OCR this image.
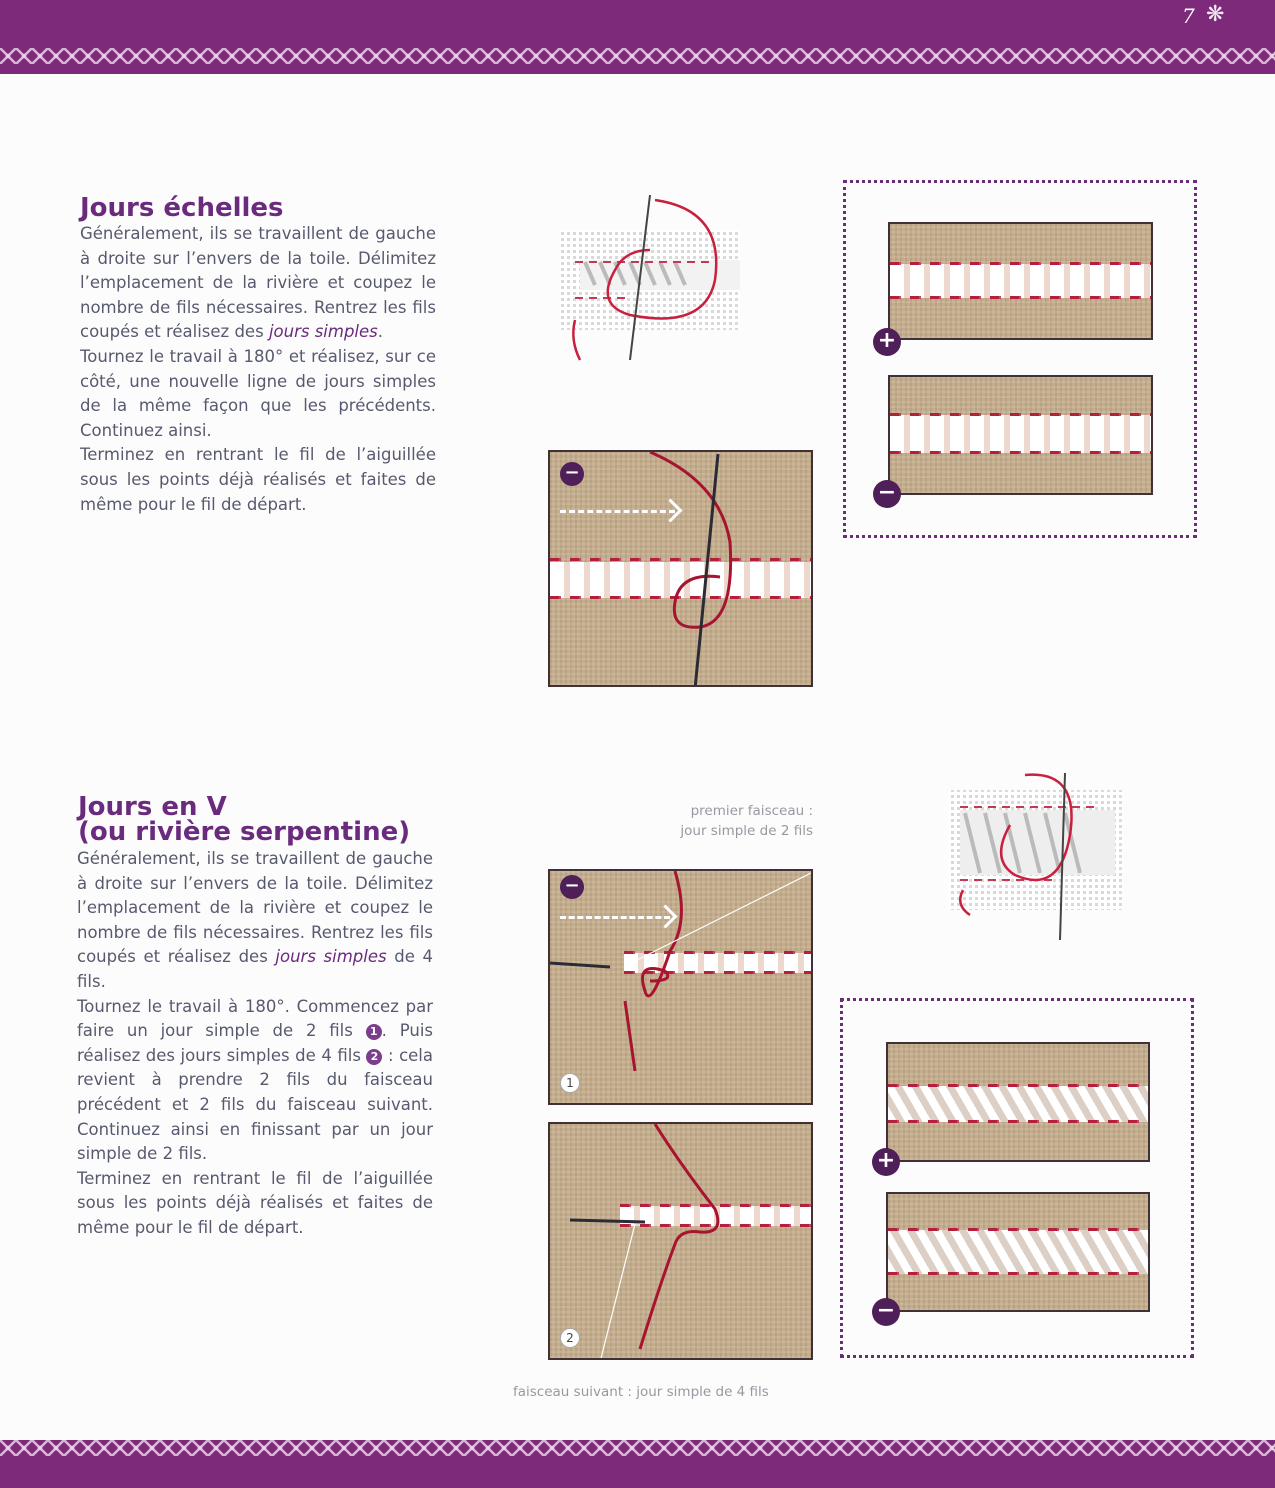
7 ❋
Jours échelles

Généralement, ils se travaillent de gauche à droite sur l’envers de la toile. Délimitez l’emplacement de la rivière et coupez le nombre de fils nécessaires. Rentrez les fils coupés et réalisez des jours simples.

Tournez le travail à 180° et réalisez, sur ce côté, une nouvelle ligne de jours simples de la même façon que les précédents. Continuez ainsi.

Terminez en rentrant le fil de l’aiguillée sous les points déjà réalisés et faites de même pour le fil de départ.

−
+
−
Jours en V
(ou rivière serpentine)

Généralement, ils se travaillent de gauche à droite sur l’envers de la toile. Délimitez l’emplacement de la rivière et coupez le nombre de fils nécessaires. Rentrez les fils coupés et réalisez des jours simples de 4 fils.

Tournez le travail à 180°. Commencez par faire un jour simple de 2 fils 1 . Puis réalisez des jours simples de 4 fils 2 : cela revient à prendre 2 fils du faisceau précédent et 2 fils du faisceau suivant. Continuez ainsi en finissant par un jour simple de 2 fils.

Terminez en rentrant le fil de l’aiguillée sous les points déjà réalisés et faites de même pour le fil de départ.

premier faisceau :
jour simple de 2 fils
−
1
2
faisceau suivant : jour simple de 4 fils
+
−
